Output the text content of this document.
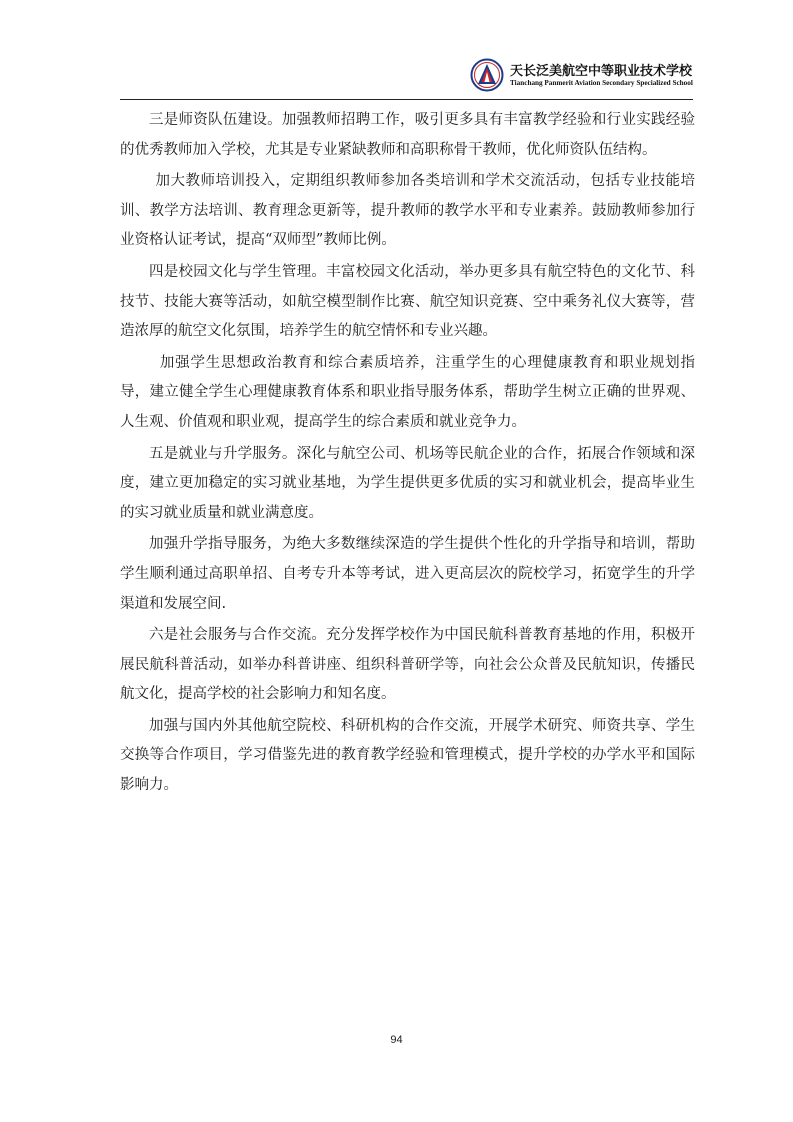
天长泛美航空中等职业技术学校
Tianchang Panmerit Aviation Secondary Specialized School

三是师资队伍建设。加强教师招聘工作，吸引更多具有丰富教学经验和行业实践经验的优秀教师加入学校，尤其是专业紧缺教师和高职称骨干教师，优化师资队伍结构。

加大教师培训投入，定期组织教师参加各类培训和学术交流活动，包括专业技能培训、教学方法培训、教育理念更新等，提升教师的教学水平和专业素养。鼓励教师参加行业资格认证考试，提高“双师型”教师比例。

四是校园文化与学生管理。丰富校园文化活动，举办更多具有航空特色的文化节、科技节、技能大赛等活动，如航空模型制作比赛、航空知识竞赛、空中乘务礼仪大赛等，营造浓厚的航空文化氛围，培养学生的航空情怀和专业兴趣。

加强学生思想政治教育和综合素质培养，注重学生的心理健康教育和职业规划指导，建立健全学生心理健康教育体系和职业指导服务体系，帮助学生树立正确的世界观、人生观、价值观和职业观，提高学生的综合素质和就业竞争力。

五是就业与升学服务。深化与航空公司、机场等民航企业的合作，拓展合作领域和深度，建立更加稳定的实习就业基地，为学生提供更多优质的实习和就业机会，提高毕业生的实习就业质量和就业满意度。

加强升学指导服务，为绝大多数继续深造的学生提供个性化的升学指导和培训，帮助学生顺利通过高职单招、自考专升本等考试，进入更高层次的院校学习，拓宽学生的升学渠道和发展空间.

六是社会服务与合作交流。充分发挥学校作为中国民航科普教育基地的作用，积极开展民航科普活动，如举办科普讲座、组织科普研学等，向社会公众普及民航知识，传播民航文化，提高学校的社会影响力和知名度。

加强与国内外其他航空院校、科研机构的合作交流，开展学术研究、师资共享、学生交换等合作项目，学习借鉴先进的教育教学经验和管理模式，提升学校的办学水平和国际影响力。

94
